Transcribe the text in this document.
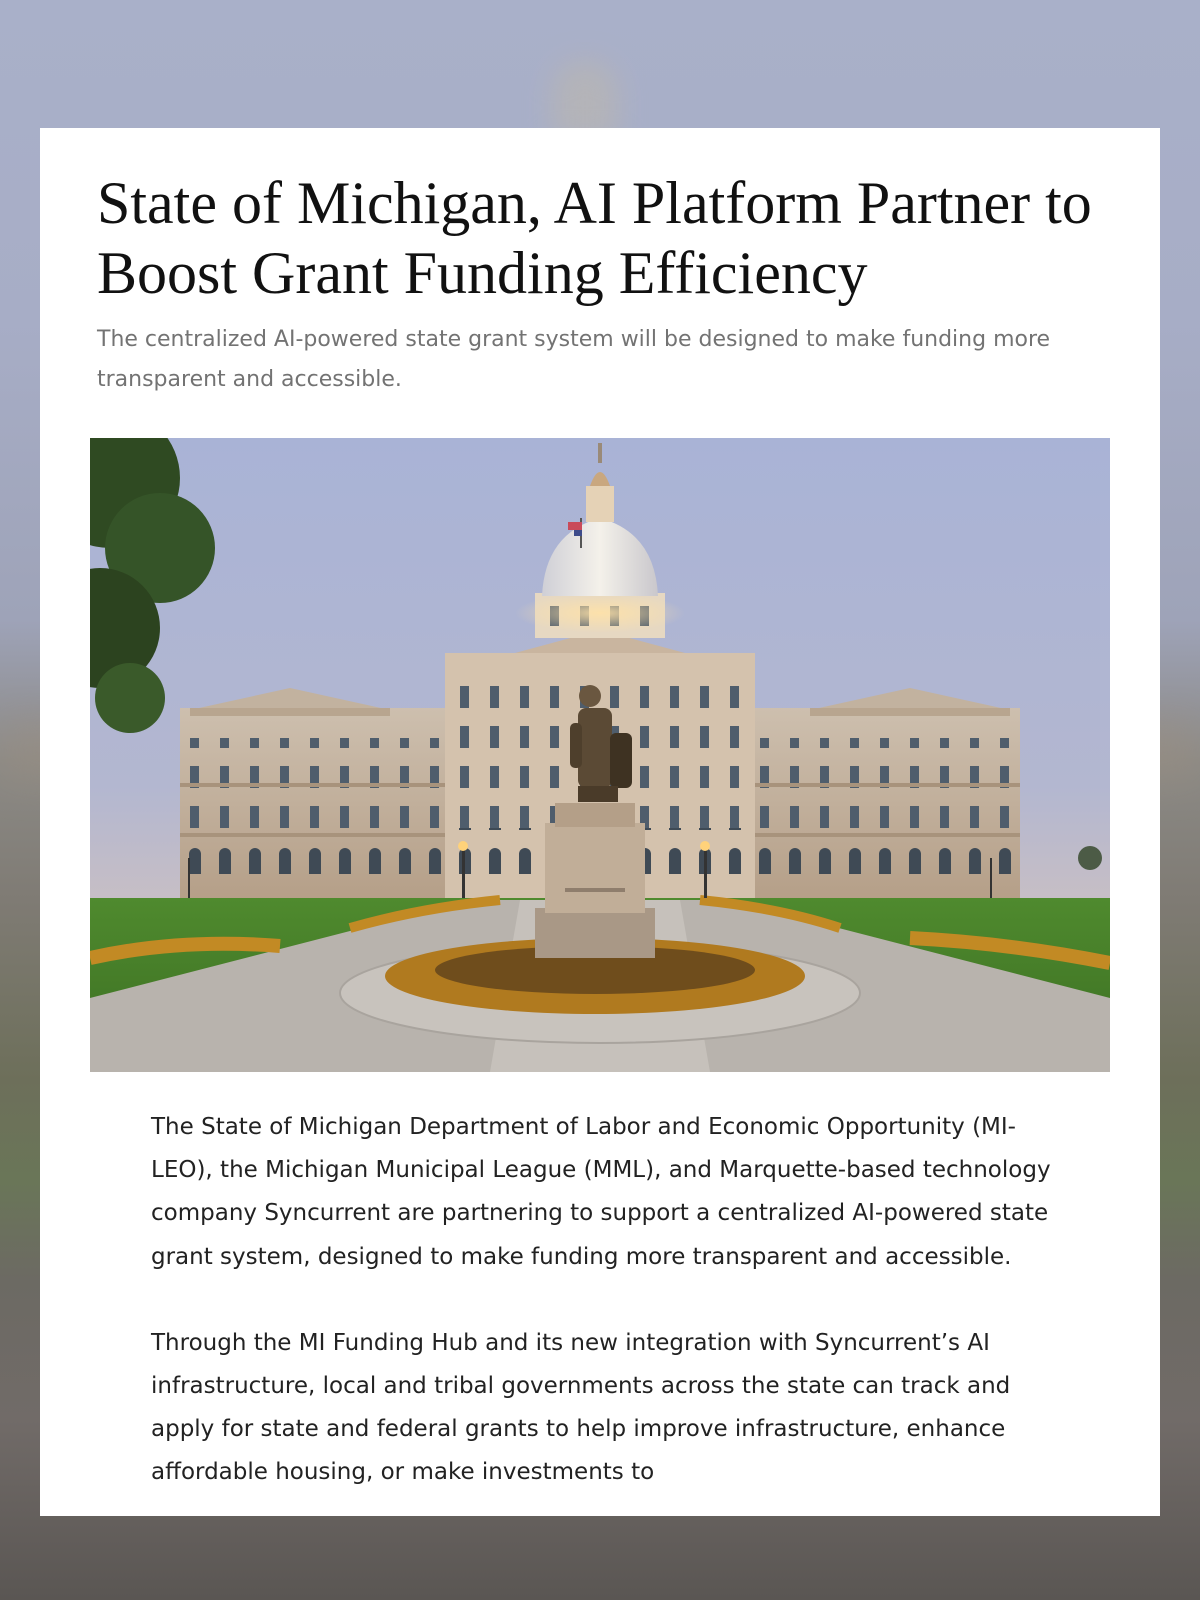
State of Michigan, AI Platform Partner to Boost Grant Funding Efficiency

The centralized AI-powered state grant system will be designed to make funding more transparent and accessible.

The State of Michigan Department of Labor and Economic Opportunity (MI-LEO), the Michigan Municipal League (MML), and Marquette-based technology company Syncurrent are partnering to support a centralized AI-powered state grant system, designed to make funding more transparent and accessible.

Through the MI Funding Hub and its new integration with Syncurrent’s AI infrastructure, local and tribal governments across the state can track and apply for state and federal grants to help improve infrastructure, enhance affordable housing, or make investments to
